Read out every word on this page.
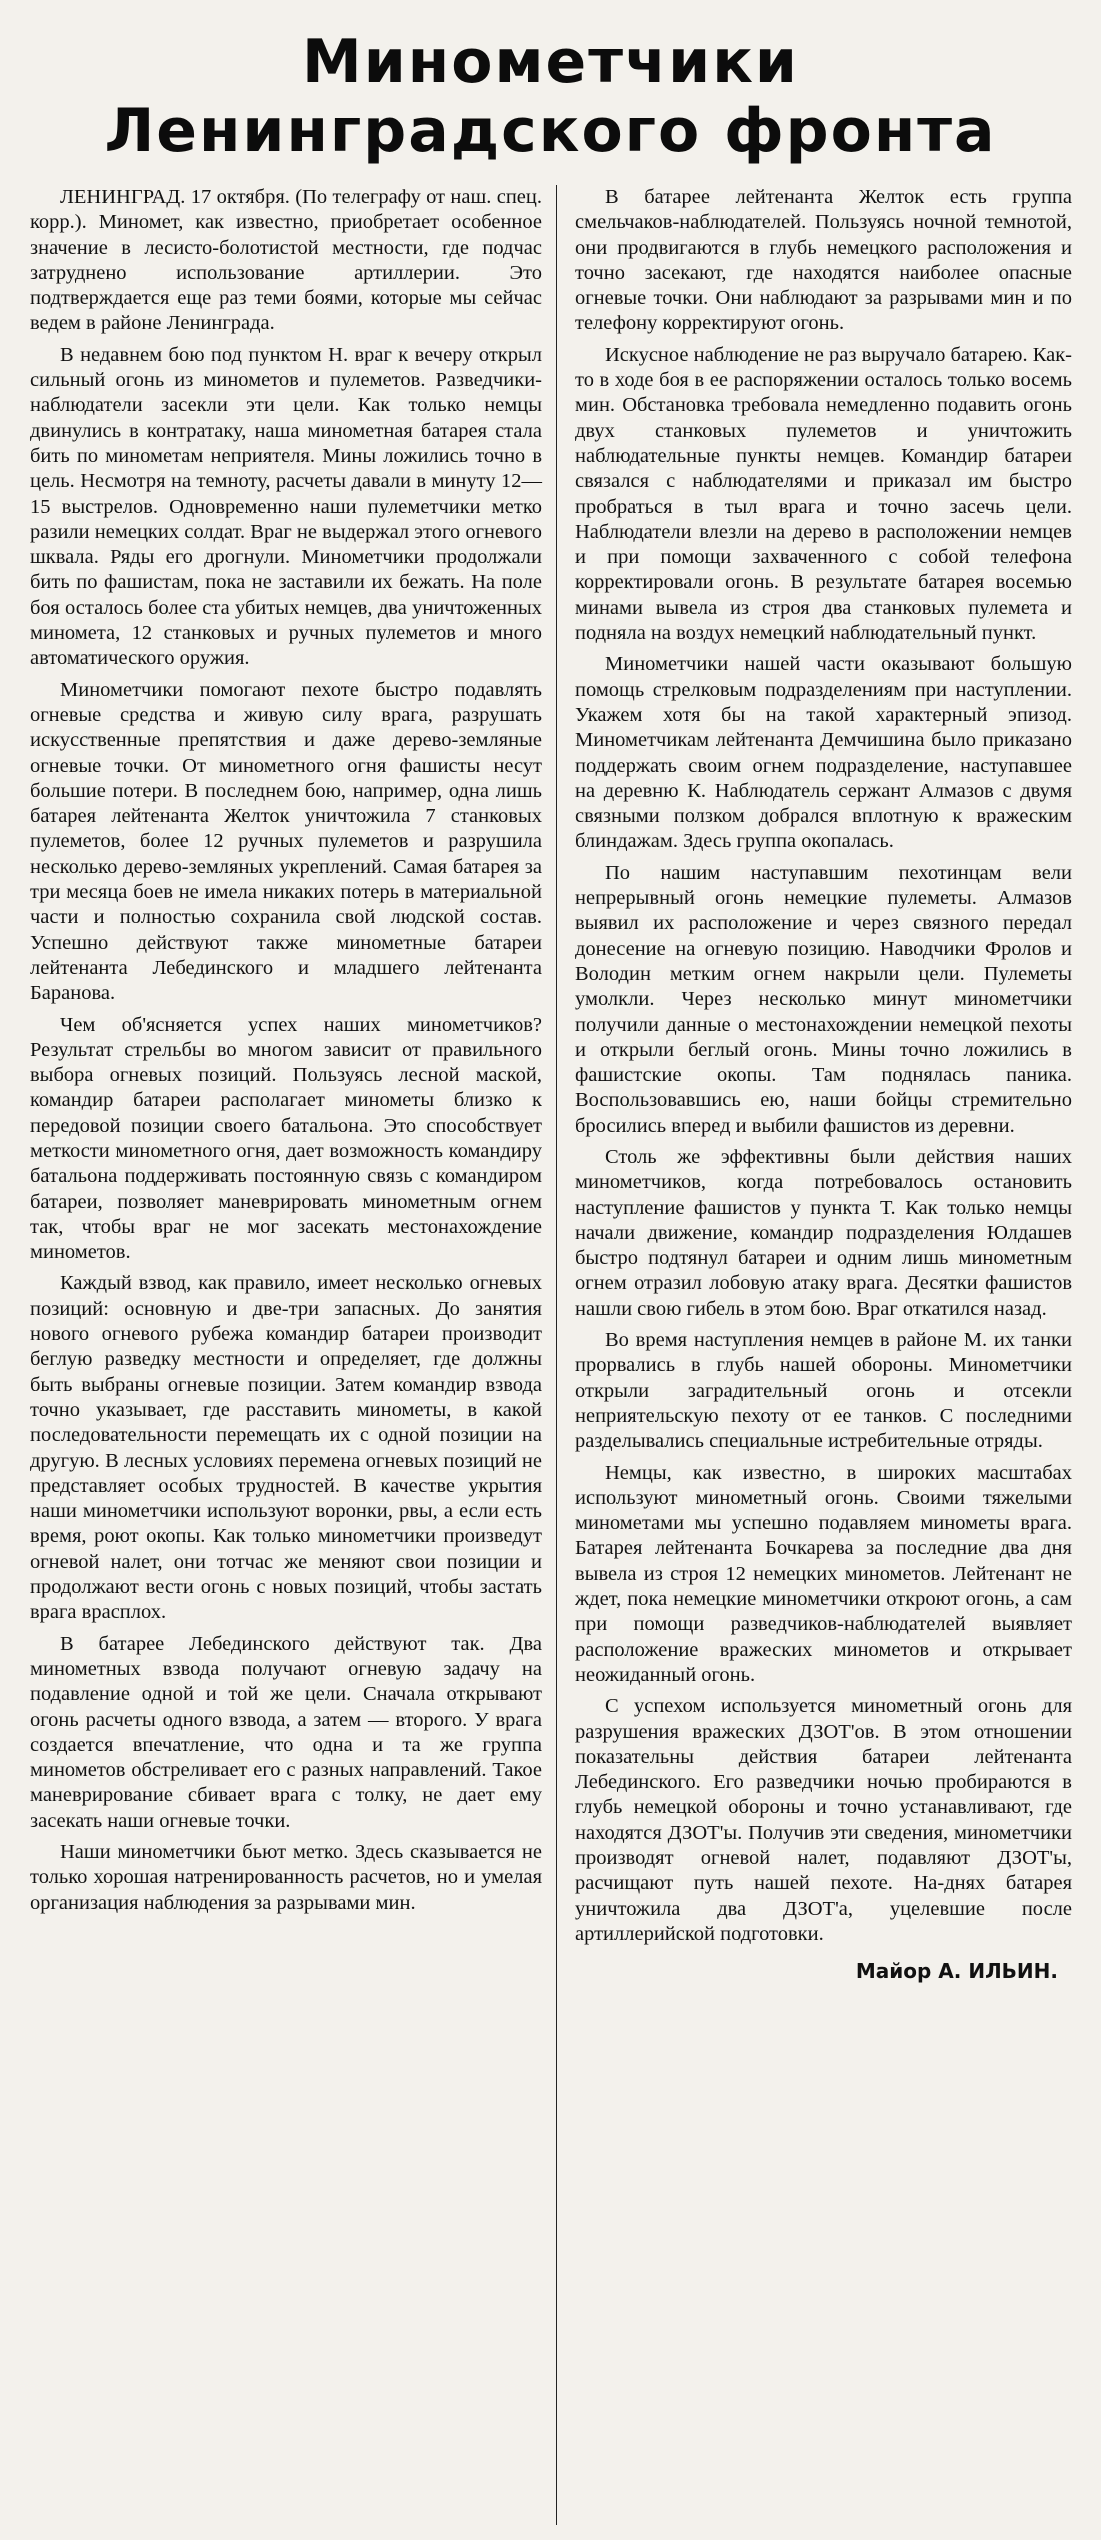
Минометчики
Ленинградского фронта

ЛЕНИНГРАД. 17 октября. (По телеграфу от наш. спец. корр.). Миномет, как известно, приобретает особенное значение в лесисто-болотистой местности, где подчас затруднено использование артиллерии. Это подтверждается еще раз теми боями, которые мы сейчас ведем в районе Ленинграда.

В недавнем бою под пунктом Н. враг к вечеру открыл сильный огонь из минометов и пулеметов. Разведчики-наблюдатели засекли эти цели. Как только немцы двинулись в контратаку, наша минометная батарея стала бить по минометам неприятеля. Мины ложились точно в цель. Несмотря на темноту, расчеты давали в минуту 12—15 выстрелов. Одновременно наши пулеметчики метко разили немецких солдат. Враг не выдержал этого огневого шквала. Ряды его дрогнули. Минометчики продолжали бить по фашистам, пока не заставили их бежать. На поле боя осталось более ста убитых немцев, два уничтоженных миномета, 12 станковых и ручных пулеметов и много автоматического оружия.

Минометчики помогают пехоте быстро подавлять огневые средства и живую силу врага, разрушать искусственные препятствия и даже дерево-земляные огневые точки. От минометного огня фашисты несут большие потери. В последнем бою, например, одна лишь батарея лейтенанта Желток уничтожила 7 станковых пулеметов, более 12 ручных пулеметов и разрушила несколько дерево-земляных укреплений. Самая батарея за три месяца боев не имела никаких потерь в материальной части и полностью сохранила свой людской состав. Успешно действуют также минометные батареи лейтенанта Лебединского и младшего лейтенанта Баранова.

Чем об'ясняется успех наших минометчиков? Результат стрельбы во многом зависит от правильного выбора огневых позиций. Пользуясь лесной маской, командир батареи располагает минометы близко к передовой позиции своего батальона. Это способствует меткости минометного огня, дает возможность командиру батальона поддерживать постоянную связь с командиром батареи, позволяет маневрировать минометным огнем так, чтобы враг не мог засекать местонахождение минометов.

Каждый взвод, как правило, имеет несколько огневых позиций: основную и две-три запасных. До занятия нового огневого рубежа командир батареи производит беглую разведку местности и определяет, где должны быть выбраны огневые позиции. Затем командир взвода точно указывает, где расставить минометы, в какой последовательности перемещать их с одной позиции на другую. В лесных условиях перемена огневых позиций не представляет особых трудностей. В качестве укрытия наши минометчики используют воронки, рвы, а если есть время, роют окопы. Как только минометчики произведут огневой налет, они тотчас же меняют свои позиции и продолжают вести огонь с новых позиций, чтобы застать врага врасплох.

В батарее Лебединского действуют так. Два минометных взвода получают огневую задачу на подавление одной и той же цели. Сначала открывают огонь расчеты одного взвода, а затем — второго. У врага создается впечатление, что одна и та же группа минометов обстреливает его с разных направлений. Такое маневрирование сбивает врага с толку, не дает ему засекать наши огневые точки.

Наши минометчики бьют метко. Здесь сказывается не только хорошая натренированность расчетов, но и умелая организация наблюдения за разрывами мин.

В батарее лейтенанта Желток есть группа смельчаков-наблюдателей. Пользуясь ночной темнотой, они продвигаются в глубь немецкого расположения и точно засекают, где находятся наиболее опасные огневые точки. Они наблюдают за разрывами мин и по телефону корректируют огонь.

Искусное наблюдение не раз выручало батарею. Как-то в ходе боя в ее распоряжении осталось только восемь мин. Обстановка требовала немедленно подавить огонь двух станковых пулеметов и уничтожить наблюдательные пункты немцев. Командир батареи связался с наблюдателями и приказал им быстро пробраться в тыл врага и точно засечь цели. Наблюдатели влезли на дерево в расположении немцев и при помощи захваченного с собой телефона корректировали огонь. В результате батарея восемью минами вывела из строя два станковых пулемета и подняла на воздух немецкий наблюдательный пункт.

Минометчики нашей части оказывают большую помощь стрелковым подразделениям при наступлении. Укажем хотя бы на такой характерный эпизод. Минометчикам лейтенанта Демчишина было приказано поддержать своим огнем подразделение, наступавшее на деревню К. Наблюдатель сержант Алмазов с двумя связными ползком добрался вплотную к вражеским блиндажам. Здесь группа окопалась.

По нашим наступавшим пехотинцам вели непрерывный огонь немецкие пулеметы. Алмазов выявил их расположение и через связного передал донесение на огневую позицию. Наводчики Фролов и Володин метким огнем накрыли цели. Пулеметы умолкли. Через несколько минут минометчики получили данные о местонахождении немецкой пехоты и открыли беглый огонь. Мины точно ложились в фашистские окопы. Там поднялась паника. Воспользовавшись ею, наши бойцы стремительно бросились вперед и выбили фашистов из деревни.

Столь же эффективны были действия наших минометчиков, когда потребовалось остановить наступление фашистов у пункта Т. Как только немцы начали движение, командир подразделения Юлдашев быстро подтянул батареи и одним лишь минометным огнем отразил лобовую атаку врага. Десятки фашистов нашли свою гибель в этом бою. Враг откатился назад.

Во время наступления немцев в районе М. их танки прорвались в глубь нашей обороны. Минометчики открыли заградительный огонь и отсекли неприятельскую пехоту от ее танков. С последними разделывались специальные истребительные отряды.

Немцы, как известно, в широких масштабах используют минометный огонь. Своими тяжелыми минометами мы успешно подавляем минометы врага. Батарея лейтенанта Бочкарева за последние два дня вывела из строя 12 немецких минометов. Лейтенант не ждет, пока немецкие минометчики откроют огонь, а сам при помощи разведчиков-наблюдателей выявляет расположение вражеских минометов и открывает неожиданный огонь.

С успехом используется минометный огонь для разрушения вражеских ДЗОТ'ов. В этом отношении показательны действия батареи лейтенанта Лебединского. Его разведчики ночью пробираются в глубь немецкой обороны и точно устанавливают, где находятся ДЗОТ'ы. Получив эти сведения, минометчики производят огневой налет, подавляют ДЗОТ'ы, расчищают путь нашей пехоте. На-днях батарея уничтожила два ДЗОТ'а, уцелевшие после артиллерийской подготовки.

Майор А. ИЛЬИН.
